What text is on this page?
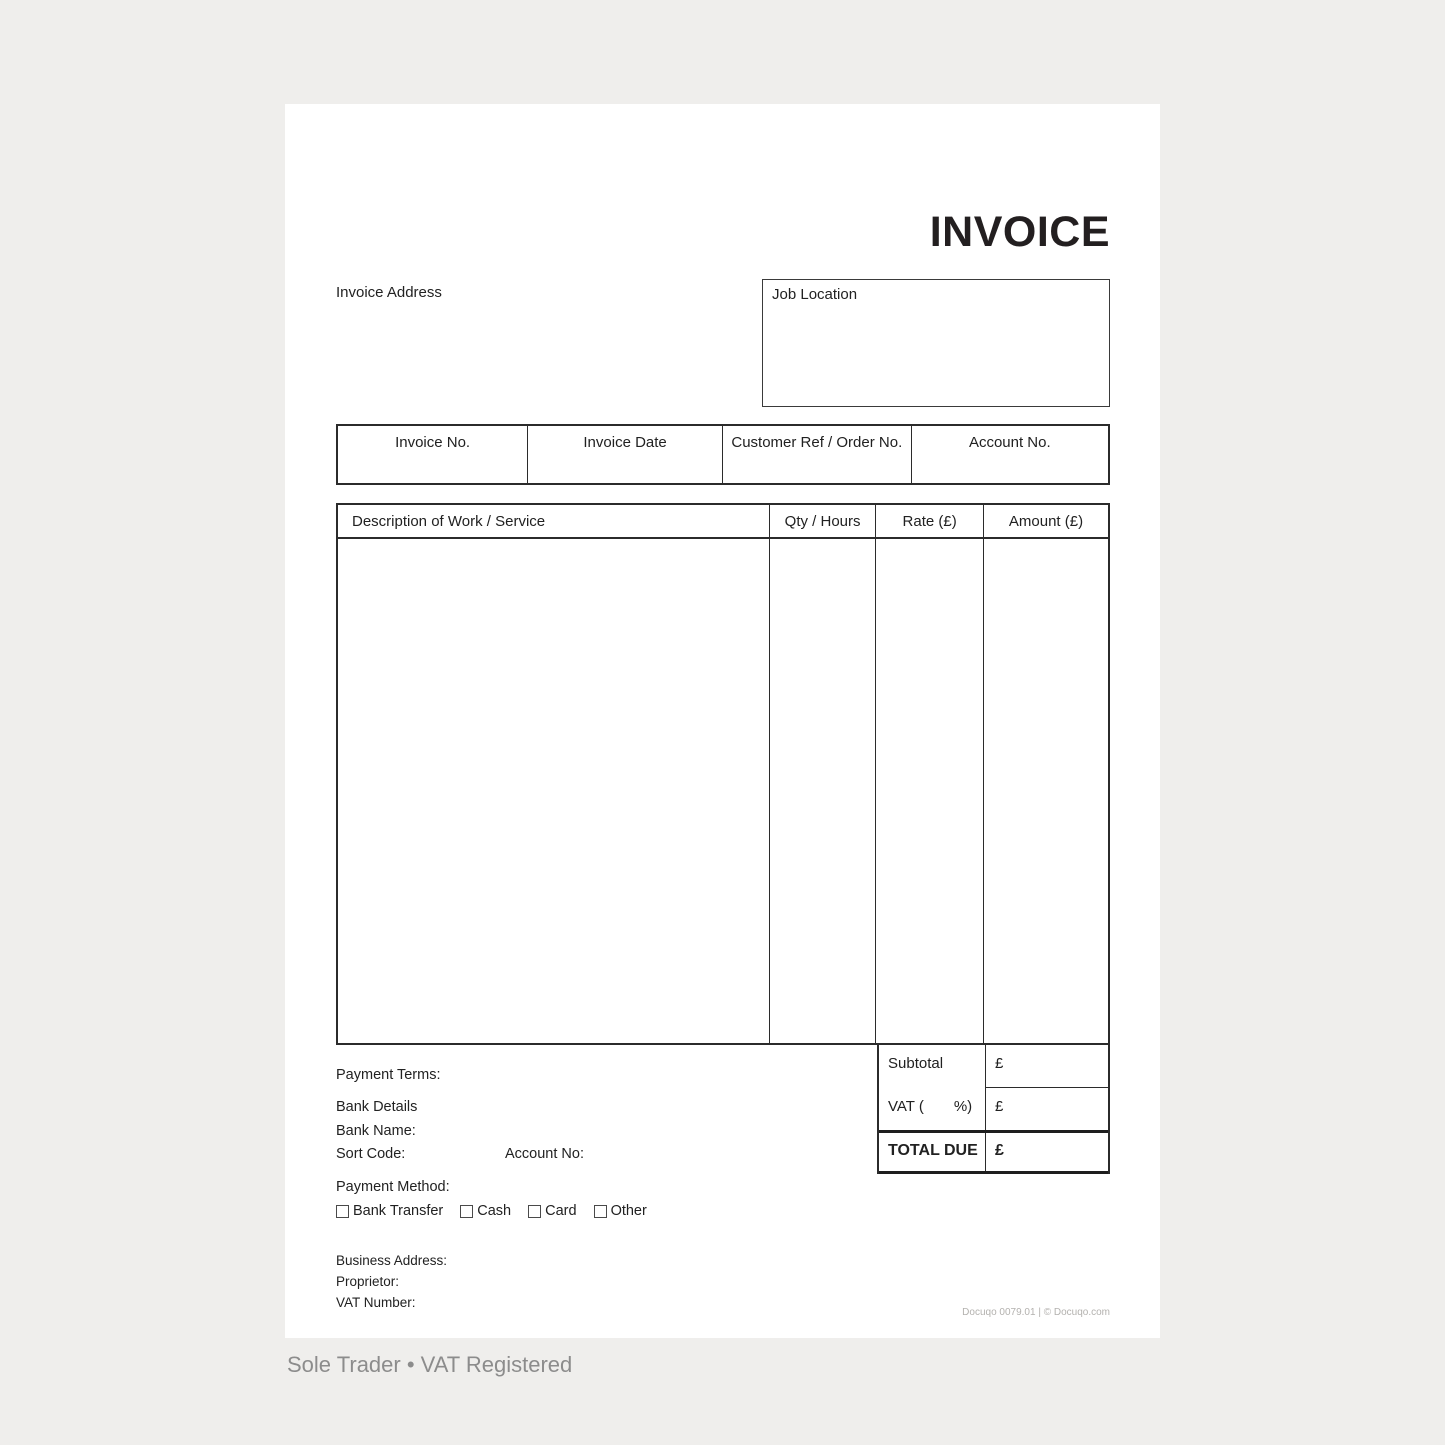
INVOICE
Invoice Address	Job Location
Invoice No.	Invoice Date	Customer Ref / Order No.	Account No.
Description of Work / Service	Qty / Hours	Rate (£)	Amount (£)
Subtotal	£
VAT ( %)	£
TOTAL DUE	£
Payment Terms:
Bank Details
Bank Name:
Sort Code:	Account No:
Payment Method:
Bank Transfer Cash Card Other
Business Address:
Proprietor:
VAT Number:
Docuqo 0079.01 | © Docuqo.com
Sole Trader • VAT Registered
